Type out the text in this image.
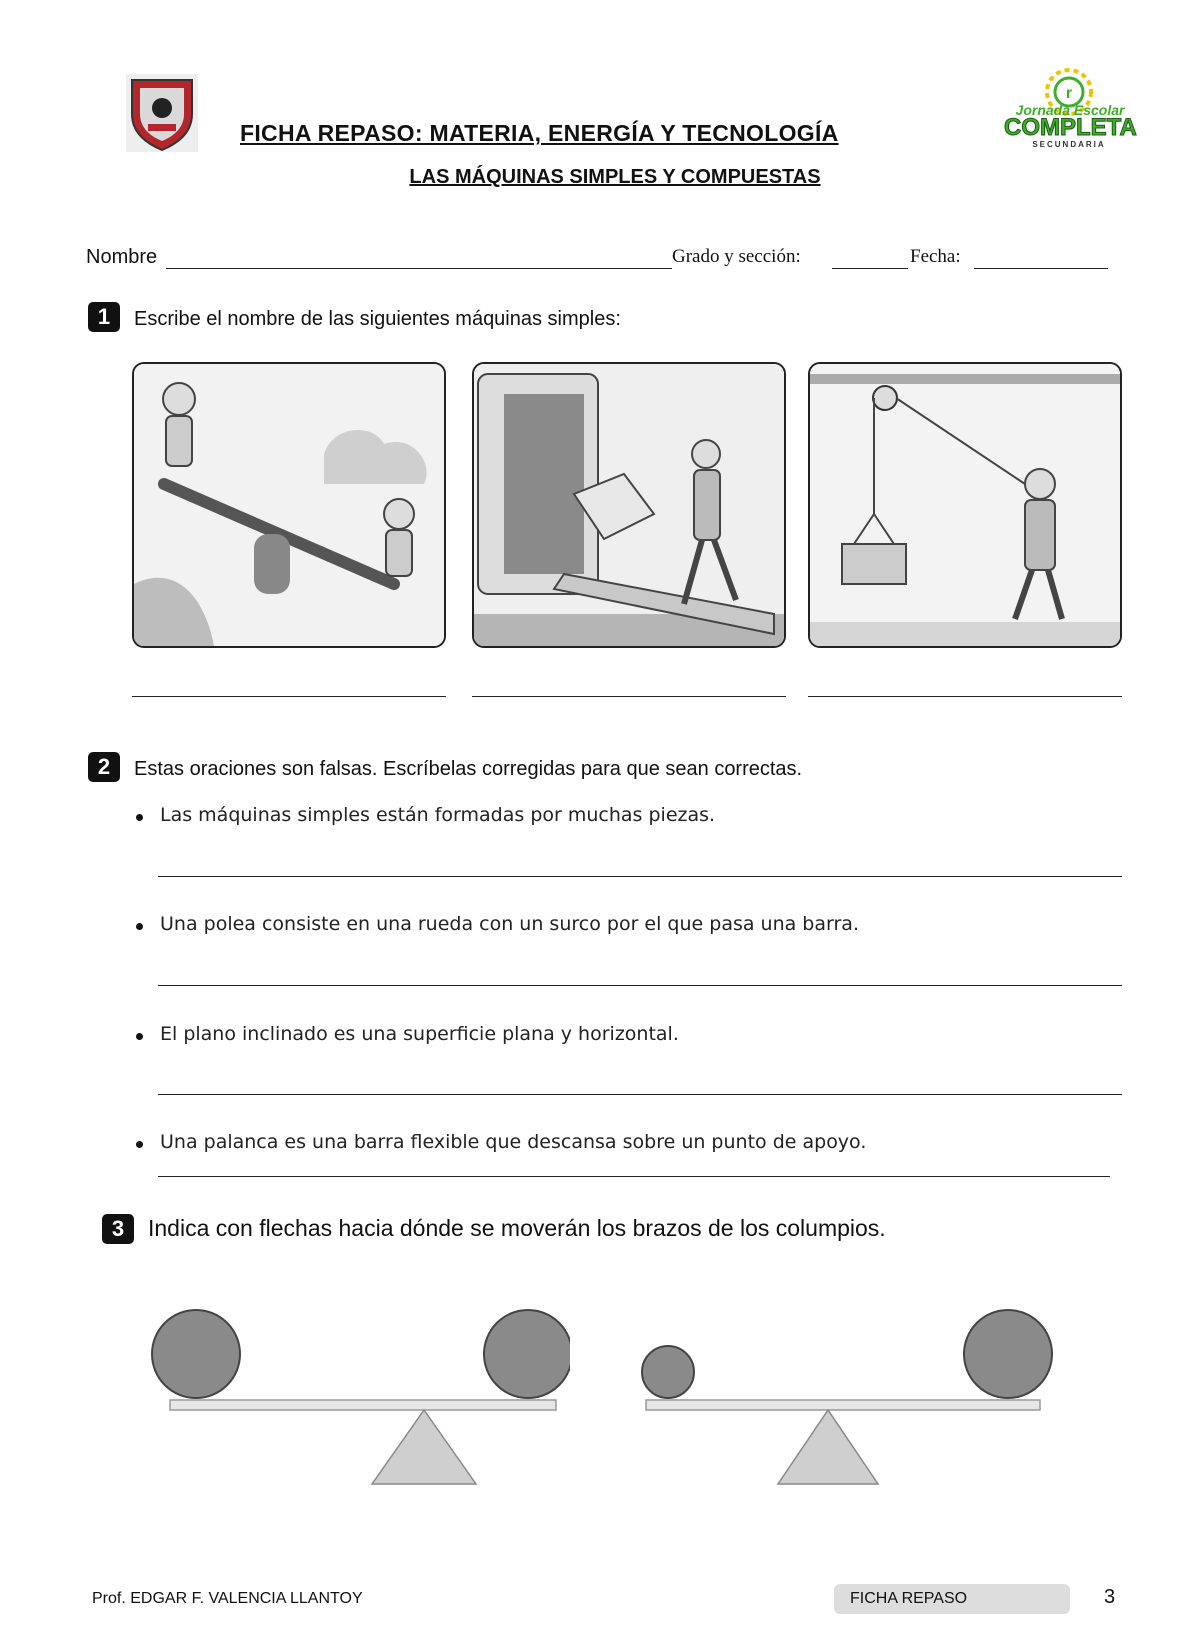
r
Jornada Escolar
COMPLETA
SECUNDARIA
FICHA REPASO: MATERIA, ENERGÍA Y TECNOLOGÍA
LAS MÁQUINAS SIMPLES Y COMPUESTAS
Nombre	Grado y sección:	Fecha:
1	Escribe el nombre de las siguientes máquinas simples:
2	Estas oraciones son falsas. Escríbelas corregidas para que sean correctas.
Las máquinas simples están formadas por muchas piezas.
Una polea consiste en una rueda con un surco por el que pasa una barra.
El plano inclinado es una superficie plana y horizontal.
Una palanca es una barra flexible que descansa sobre un punto de apoyo.
3	Indica con flechas hacia dónde se moverán los brazos de los columpios.
Prof. EDGAR F. VALENCIA LLANTOY	FICHA REPASO	3
